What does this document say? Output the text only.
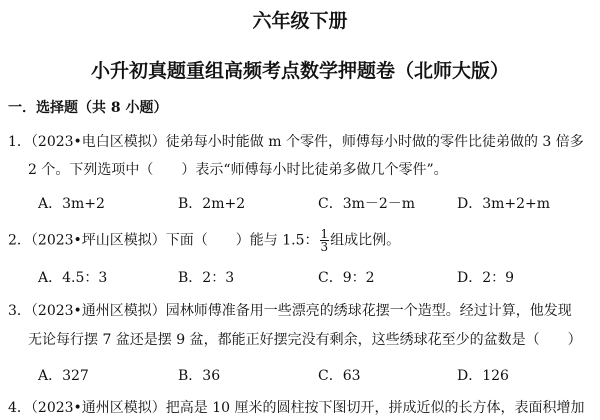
六年级下册
小升初真题重组高频考点数学押题卷（北师大版）
一．选择题（共 8 小题）
1．（2023•电白区模拟）徒弟每小时能做 m 个零件，师傅每小时做的零件比徒弟做的 3 倍多
2 个。下列选项中（　　）表示“师傅每小时比徒弟多做几个零件”。
A．3m+2	B．2m+2	C．3m－2－m	D．3m+2+m
2．（2023•坪山区模拟）下面（　　）能与 1.5： $\frac{1}{3}$ 组成比例。
A．4.5：3	B．2：3	C．9：2	D．2：9
3．（2023•通州区模拟）园林师傅准备用一些漂亮的绣球花摆一个造型。经过计算，他发现
无论每行摆 7 盆还是摆 9 盆，都能正好摆完没有剩余，这些绣球花至少的盆数是（　　）
A．327	B．36	C．63	D．126
4．（2023•通州区模拟）把高是 10 厘米的圆柱按下图切开，拼成近似的长方体，表面积增加
